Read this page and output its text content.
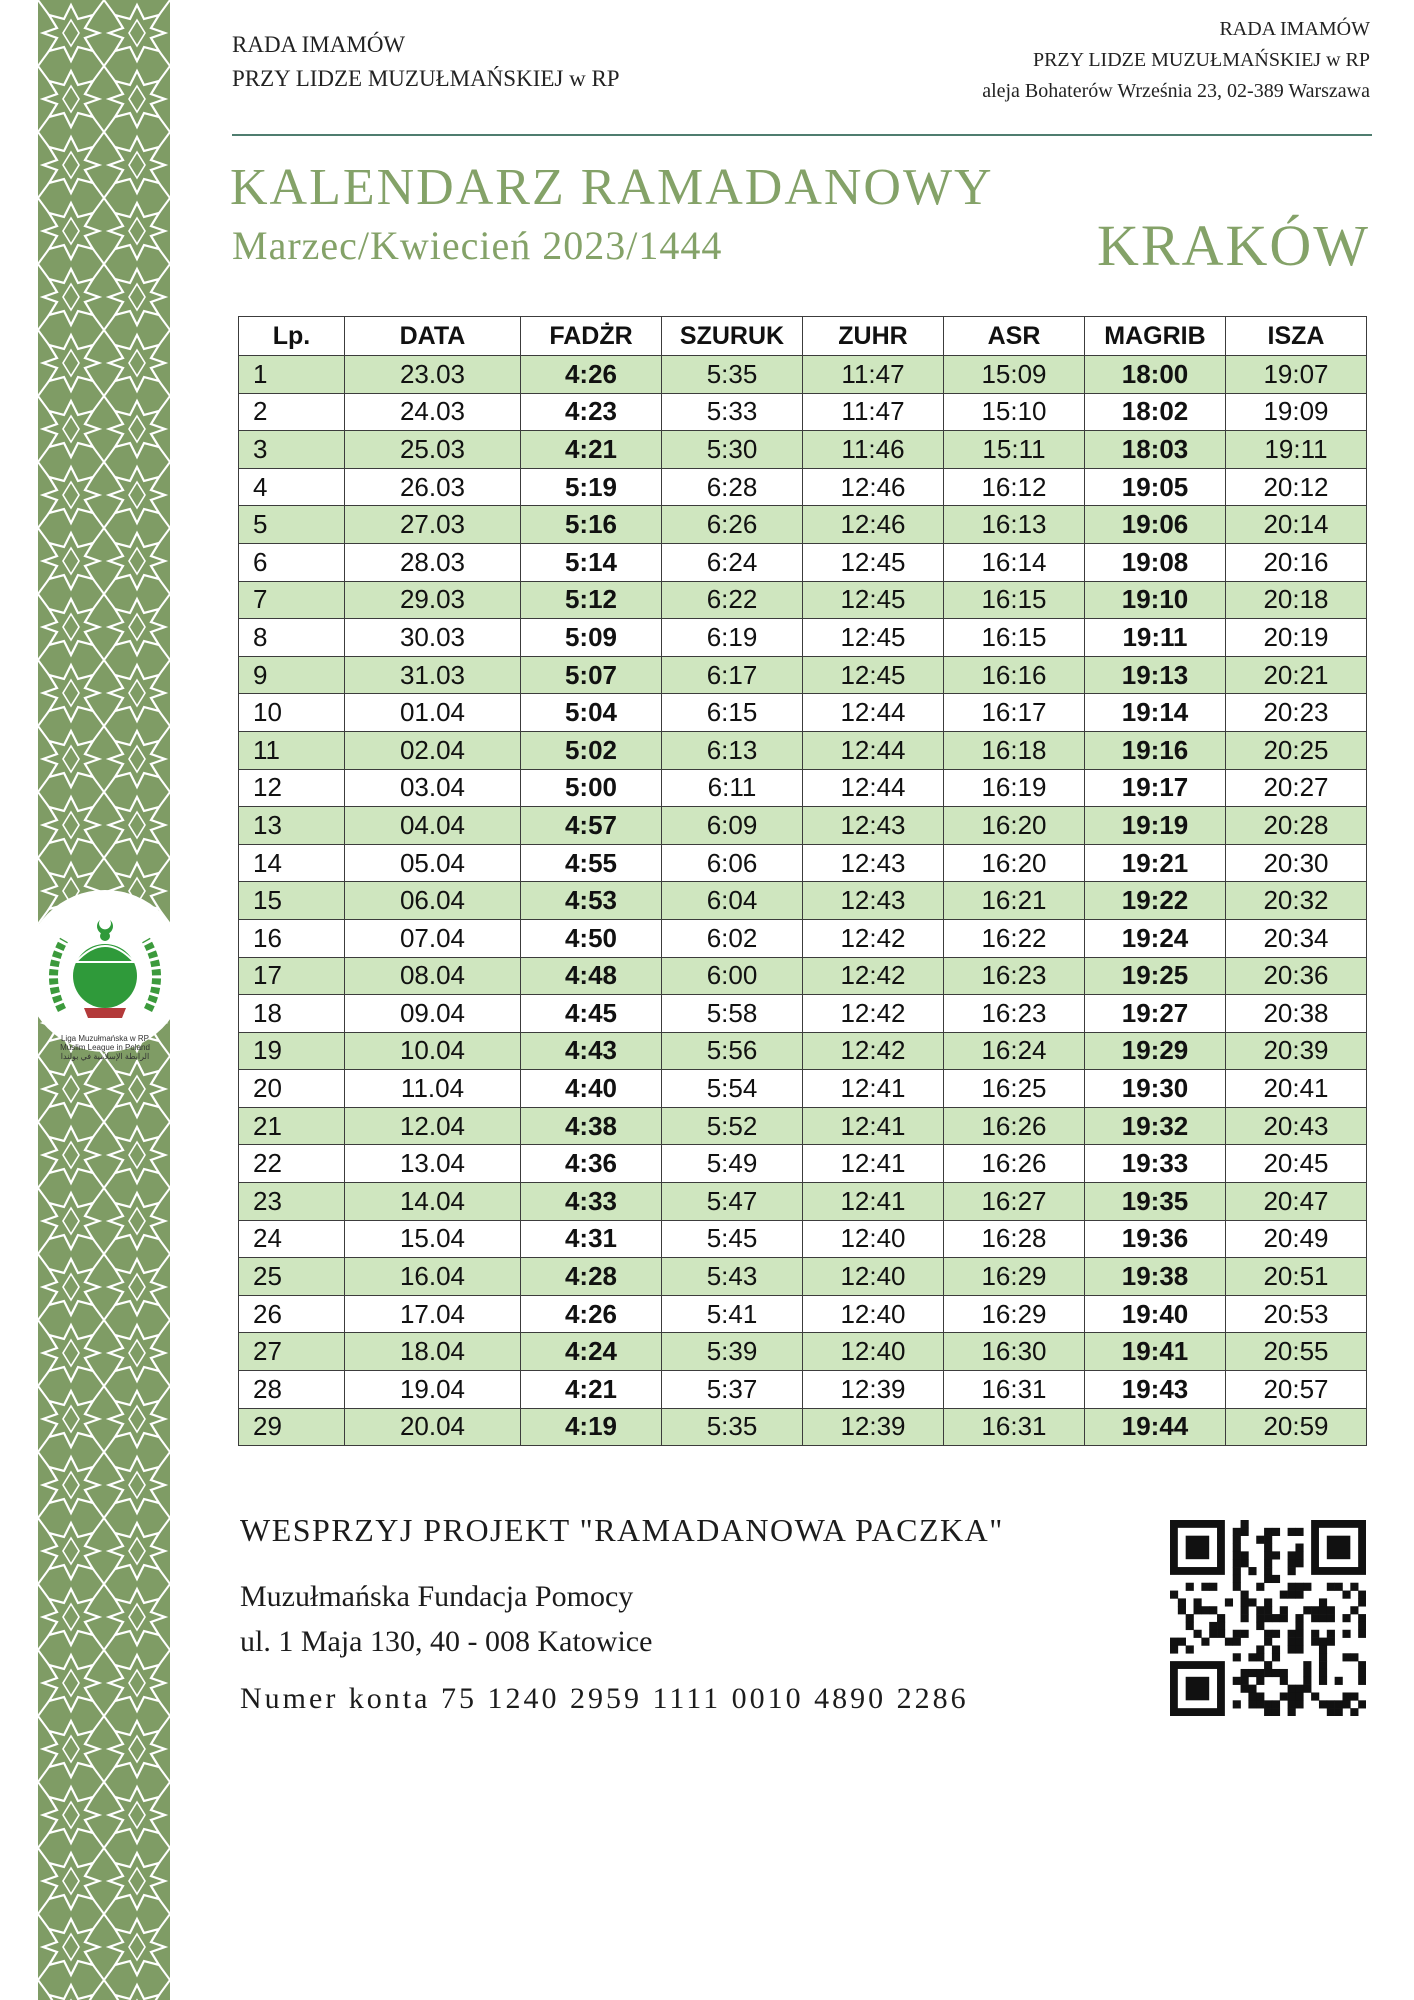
Liga Muzułmańska w RP
Muslim League in Poland
الرابطة الإسلامية في بولندا
RADA IMAMÓW
PRZY LIDZE MUZUŁMAŃSKIEJ w RP
RADA IMAMÓW
PRZY LIDZE MUZUŁMAŃSKIEJ w RP
aleja Bohaterów Września 23, 02-389 Warszawa
KALENDARZ RAMADANOWY
Marzec/Kwiecień 2023/1444	KRAKÓW
Lp.	DATA	FADŻR	SZURUK	ZUHR	ASR	MAGRIB	ISZA
1	23.03	4:26	5:35	11:47	15:09	18:00	19:07
2	24.03	4:23	5:33	11:47	15:10	18:02	19:09
3	25.03	4:21	5:30	11:46	15:11	18:03	19:11
4	26.03	5:19	6:28	12:46	16:12	19:05	20:12
5	27.03	5:16	6:26	12:46	16:13	19:06	20:14
6	28.03	5:14	6:24	12:45	16:14	19:08	20:16
7	29.03	5:12	6:22	12:45	16:15	19:10	20:18
8	30.03	5:09	6:19	12:45	16:15	19:11	20:19
9	31.03	5:07	6:17	12:45	16:16	19:13	20:21
10	01.04	5:04	6:15	12:44	16:17	19:14	20:23
11	02.04	5:02	6:13	12:44	16:18	19:16	20:25
12	03.04	5:00	6:11	12:44	16:19	19:17	20:27
13	04.04	4:57	6:09	12:43	16:20	19:19	20:28
14	05.04	4:55	6:06	12:43	16:20	19:21	20:30
15	06.04	4:53	6:04	12:43	16:21	19:22	20:32
16	07.04	4:50	6:02	12:42	16:22	19:24	20:34
17	08.04	4:48	6:00	12:42	16:23	19:25	20:36
18	09.04	4:45	5:58	12:42	16:23	19:27	20:38
19	10.04	4:43	5:56	12:42	16:24	19:29	20:39
20	11.04	4:40	5:54	12:41	16:25	19:30	20:41
21	12.04	4:38	5:52	12:41	16:26	19:32	20:43
22	13.04	4:36	5:49	12:41	16:26	19:33	20:45
23	14.04	4:33	5:47	12:41	16:27	19:35	20:47
24	15.04	4:31	5:45	12:40	16:28	19:36	20:49
25	16.04	4:28	5:43	12:40	16:29	19:38	20:51
26	17.04	4:26	5:41	12:40	16:29	19:40	20:53
27	18.04	4:24	5:39	12:40	16:30	19:41	20:55
28	19.04	4:21	5:37	12:39	16:31	19:43	20:57
29	20.04	4:19	5:35	12:39	16:31	19:44	20:59
WESPRZYJ PROJEKT "RAMADANOWA PACZKA"
Muzułmańska Fundacja Pomocy
ul. 1 Maja 130, 40 - 008 Katowice
Numer konta 75 1240 2959 1111 0010 4890 2286
